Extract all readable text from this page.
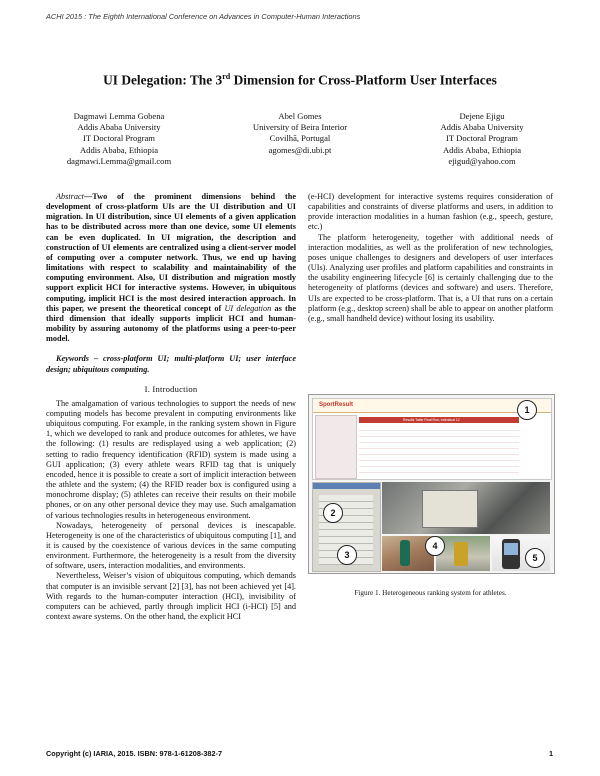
ACHI 2015 : The Eighth International Conference on Advances in Computer-Human Interactions
UI Delegation: The 3rd Dimension for Cross-Platform User Interfaces
Dagmawi Lemma Gobena
Addis Ababa University
IT Doctoral Program
Addis Ababa, Ethiopia
dagmawi.Lemma@gmail.com
Abel Gomes
University of Beira Interior
Covilhã, Portugal
agomes@di.ubi.pt
Dejene Ejigu
Addis Ababa University
IT Doctoral Program
Addis Ababa, Ethiopia
ejigud@yahoo.com

Abstract—Two of the prominent dimensions behind the development of cross-platform UIs are the UI distribution and UI migration. In UI distribution, since UI elements of a given application has to be distributed across more than one device, some UI elements can be even duplicated. In UI migration, the description and construction of UI elements are centralized using a client-server model of computing over a computer network. Thus, we end up having limitations with respect to scalability and maintainability of the computing environment. Also, UI distribution and migration mostly support explicit HCI for interactive systems. However, in ubiquitous computing, implicit HCI is the most desired interaction approach. In this paper, we present the theoretical concept of UI delegation as the third dimension that ideally supports implicit HCI and human-mobility by assuring autonomy of the platforms using a peer-to-peer model.

Keywords – cross-platform UI; multi-platform UI; user interface design; ubiquitous computing.

I. Introduction

The amalgamation of various technologies to support the needs of new computing models has become prevalent in computing environments like ubiquitous computing. For example, in the ranking system shown in Figure 1, which we developed to rank and produce outcomes for athletes, we have the following: (1) results are redisplayed using a web application; (2) setting to radio frequency identification (RFID) system is made using a GUI application; (3) every athlete wears RFID tag that is uniquely encoded, hence it is possible to create a sort of implicit interaction between the athlete and the system; (4) the RFID reader box is configured using a monochrome display; (5) athletes can receive their results on their mobile phones, or on any other personal device they may use. Such amalgamation of various technologies results in heterogeneous environment.

Nowadays, heterogeneity of personal devices is inescapable. Heterogeneity is one of the characteristics of ubiquitous computing [1], and it is caused by the coexistence of various devices in the same computing environment. Furthermore, the heterogeneity is a result from the diversity of software, users, interaction modalities, and environments.

Nevertheless, Weiser’s vision of ubiquitous computing, which demands that computer is an invisible servant [2] [3], has not been achieved yet [4]. With regards to the human-computer interaction (HCI), invisibility of computers can be achieved, partly through implicit HCI (i-HCI) [5] and context aware systems. On the other hand, the explicit HCI

(e-HCI) development for interactive systems requires consideration of capabilities and constraints of diverse platforms and users, in addition to provide interaction modalities in a human fashion (e.g., speech, gesture, etc.)

The platform heterogeneity, together with additional needs of interaction modalities, as well as the proliferation of new technologies, poses unique challenges to designers and developers of user interfaces (UIs). Analyzing user profiles and platform capabilities and constraints in the usability engineering lifecycle [6] is certainly challenging due to the heterogeneity of platforms (devices and software) and users. Therefore, UIs are expected to be cross-platform. That is, a UI that runs on a certain platform (e.g., desktop screen) shall be able to appear on another platform (e.g., small handheld device) without losing its usability.

SportResult
Results Table Final Run, Individual 12
1
2
3
4
5
Figure 1. Heterogeneous ranking system for athletes.
Copyright (c) IARIA, 2015. ISBN: 978-1-61208-382-7	1
